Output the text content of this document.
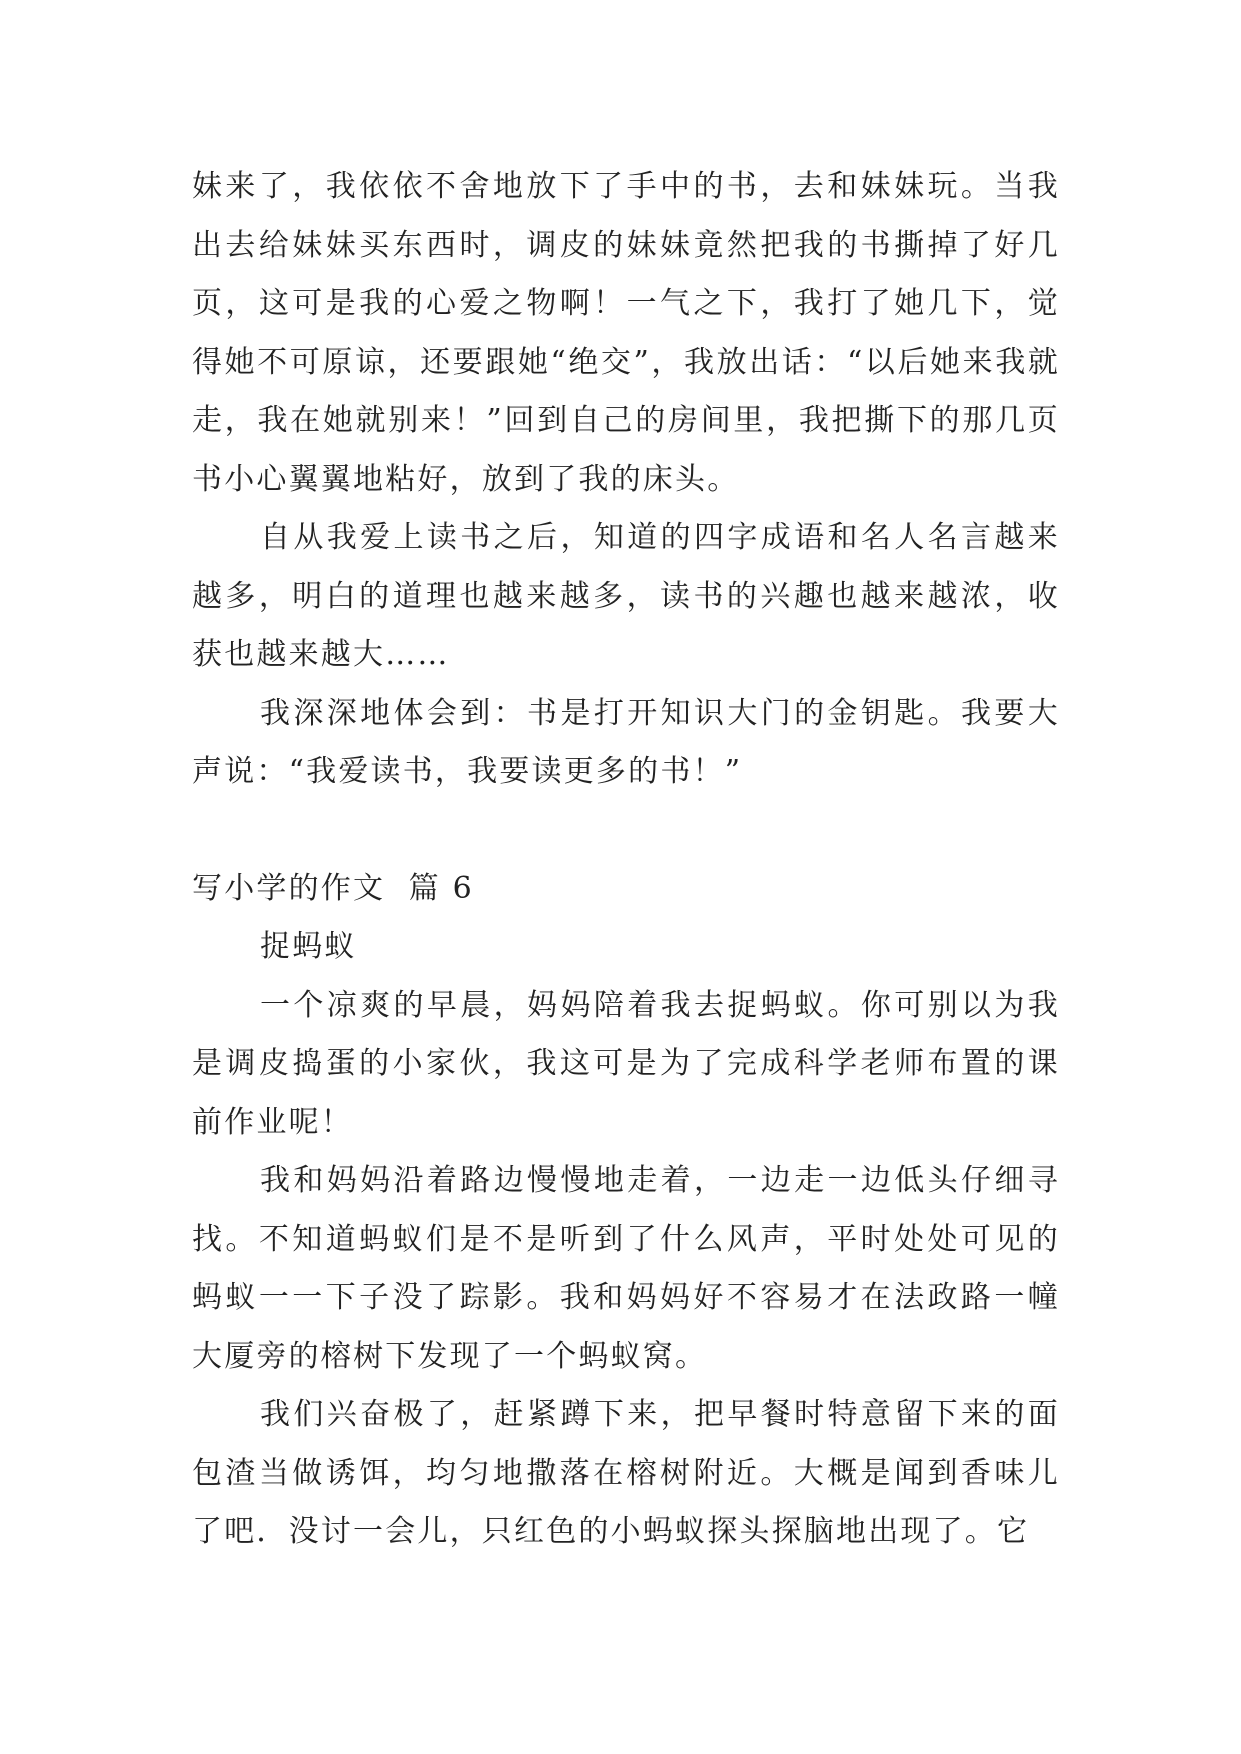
妹来了，我依依不舍地放下了手中的书，去和妹妹玩。当我出去给妹妹买东西时，调皮的妹妹竟然把我的书撕掉了好几页，这可是我的心爱之物啊！一气之下，我打了她几下，觉得她不可原谅，还要跟她“绝交”，我放出话：“以后她来我就走，我在她就别来！”回到自己的房间里，我把撕下的那几页书小心翼翼地粘好，放到了我的床头。

自从我爱上读书之后，知道的四字成语和名人名言越来越多，明白的道理也越来越多，读书的兴趣也越来越浓，收获也越来越大……

我深深地体会到：书是打开知识大门的金钥匙。我要大声说：“我爱读书，我要读更多的书！”

写小学的作文  篇 6

捉蚂蚁

一个凉爽的早晨，妈妈陪着我去捉蚂蚁。你可别以为我是调皮捣蛋的小家伙，我这可是为了完成科学老师布置的课前作业呢！

我和妈妈沿着路边慢慢地走着，一边走一边低头仔细寻找。不知道蚂蚁们是不是听到了什么风声，平时处处可见的蚂蚁一一下子没了踪影。我和妈妈好不容易才在法政路一幢大厦旁的榕树下发现了一个蚂蚁窝。

我们兴奋极了，赶紧蹲下来，把早餐时特意留下来的面包渣当做诱饵，均匀地撒落在榕树附近。大概是闻到香味儿了吧．没讨一会儿，只红色的小蚂蚁探头探脑地出现了。它
